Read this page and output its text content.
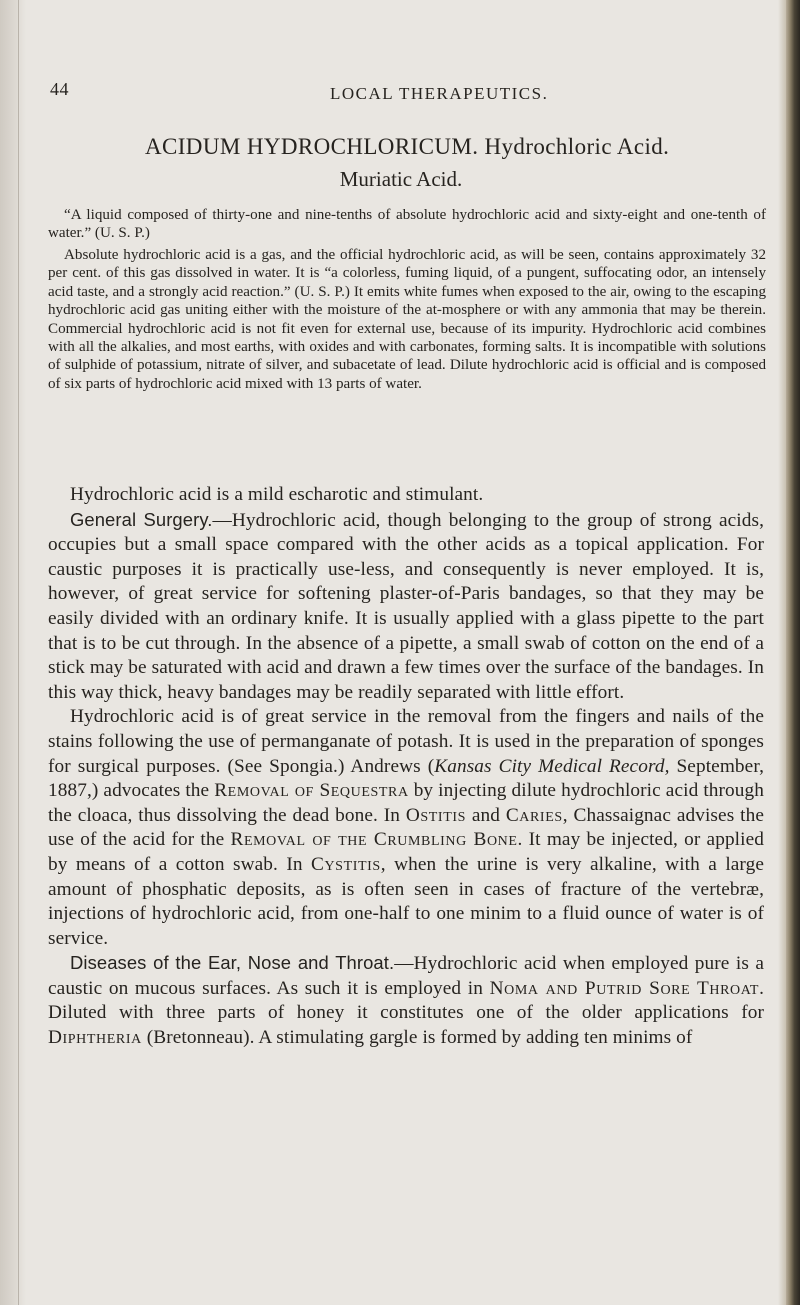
44	LOCAL THERAPEUTICS.
ACIDUM HYDROCHLORICUM. Hydrochloric Acid.
Muriatic Acid.

“A liquid composed of thirty-one and nine-tenths of absolute hydrochloric acid and sixty-eight and one-tenth of water.” (U. S. P.)

Absolute hydrochloric acid is a gas, and the official hydrochloric acid, as will be seen, contains approximately 32 per cent. of this gas dissolved in water. It is “a colorless, fuming liquid, of a pungent, suffocating odor, an intensely acid taste, and a strongly acid reaction.” (U. S. P.) It emits white fumes when exposed to the air, owing to the escaping hydrochloric acid gas uniting either with the moisture of the at-mosphere or with any ammonia that may be therein. Commercial hydrochloric acid is not fit even for external use, because of its impurity. Hydrochloric acid combines with all the alkalies, and most earths, with oxides and with carbonates, forming salts. It is incompatible with solutions of sulphide of potassium, nitrate of silver, and subacetate of lead. Dilute hydrochloric acid is official and is composed of six parts of hydrochloric acid mixed with 13 parts of water.

Hydrochloric acid is a mild escharotic and stimulant.

General Surgery.—Hydrochloric acid, though belonging to the group of strong acids, occupies but a small space compared with the other acids as a topical application. For caustic purposes it is practically use-less, and consequently is never employed. It is, however, of great service for softening plaster-of-Paris bandages, so that they may be easily divided with an ordinary knife. It is usually applied with a glass pipette to the part that is to be cut through. In the absence of a pipette, a small swab of cotton on the end of a stick may be saturated with acid and drawn a few times over the surface of the bandages. In this way thick, heavy bandages may be readily separated with little effort.

Hydrochloric acid is of great service in the removal from the fingers and nails of the stains following the use of permanganate of potash. It is used in the preparation of sponges for surgical purposes. (See Spongia.) Andrews (Kansas City Medical Record, September, 1887,) advocates the Removal of Sequestra by injecting dilute hydrochloric acid through the cloaca, thus dissolving the dead bone. In Ostitis and Caries, Chassaignac advises the use of the acid for the Removal of the Crumbling Bone. It may be injected, or applied by means of a cotton swab. In Cystitis, when the urine is very alkaline, with a large amount of phosphatic deposits, as is often seen in cases of fracture of the vertebræ, injections of hydrochloric acid, from one-half to one minim to a fluid ounce of water is of service.

Diseases of the Ear, Nose and Throat.—Hydrochloric acid when employed pure is a caustic on mucous surfaces. As such it is employed in Noma and Putrid Sore Throat. Diluted with three parts of honey it constitutes one of the older applications for Diphtheria (Bretonneau). A stimulating gargle is formed by adding ten minims of
